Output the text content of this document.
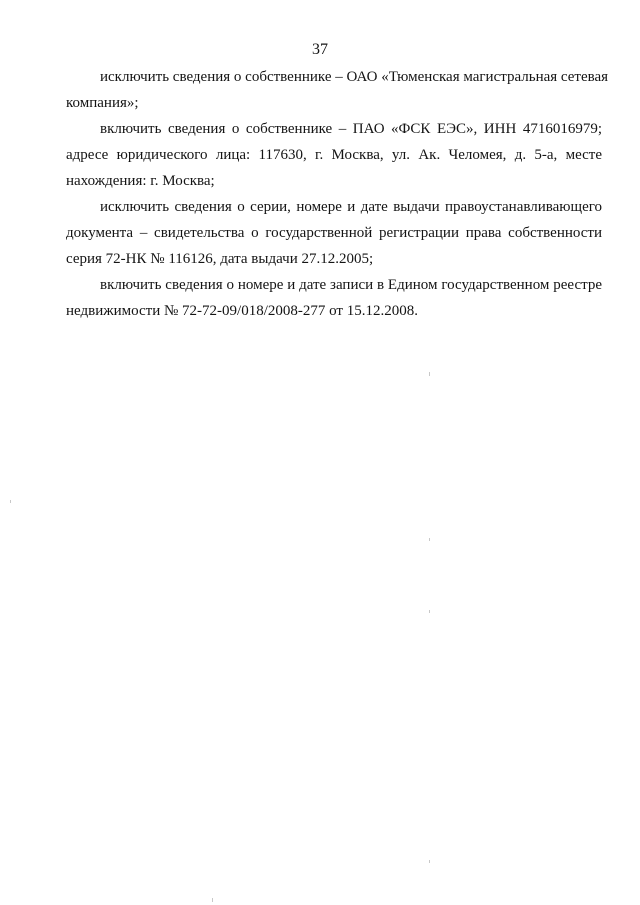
37

исключить сведения о собственнике – ОАО «Тюменская магистральная сетевая
компания»;

включить сведения о собственнике – ПАО «ФСК ЕЭС», ИНН 4716016979;
адресе юридического лица: 117630, г. Москва, ул. Ак. Челомея, д. 5-а, месте
нахождения: г. Москва;

исключить сведения о серии, номере и дате выдачи правоустанавливающего
документа – свидетельства о государственной регистрации права собственности
серия 72-НК № 116126, дата выдачи 27.12.2005;

включить сведения о номере и дате записи в Едином государственном реестре
недвижимости № 72-72-09/018/2008-277 от 15.12.2008.
